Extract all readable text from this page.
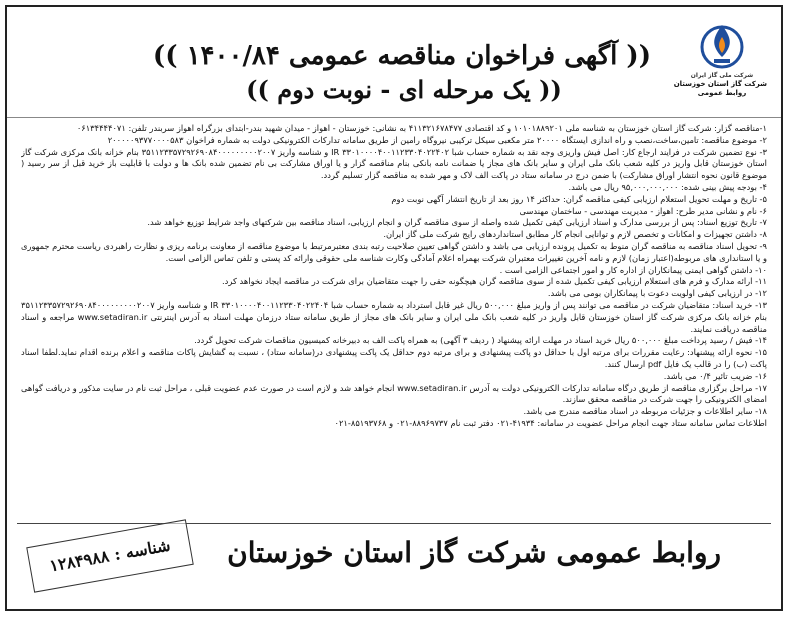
شرکت ملی گاز ایران
شرکت گاز استان خوزستان
روابط عمومی
(( آگهی فراخوان مناقصه عمومی ۱۴۰۰/۸۴ ))
(( یک مرحله ای - نوبت دوم ))

۱-مناقصه گزار: شرکت گاز استان خوزستان به شناسه ملی ۱۰۱۰۱۸۸۹۲۰۱ و کد اقتصادی ۴۱۱۳۲۱۶۷۸۴۷۷ به نشانی: خوزستان - اهواز - میدان شهید بندر-ابتدای بزرگراه اهواز سربندر تلفن: ۰۶۱۳۴۴۴۴۰۷۱

۲- موضوع مناقصه: تامین،ساخت،نصب و راه اندازی ایستگاه ۲۰۰۰۰ متر مکعبی سیکل ترکیبی نیروگاه رامین از طریق سامانه تدارکات الکترونیکی دولت به شماره فراخوان ۲۰۰۰۰۰۹۳۷۷۰۰۰۰۵۸۳

۳- نوع تضمین شرکت در فرایند ارجاع کار: اصل فیش واریزی وجه نقد به شماره حساب شبا IR ۳۳۰۱۰۰۰۰۴۰۰۱۱۲۳۳۰۴۰۲۲۴۰۲ و شناسه واریز ۳۵۱۱۲۳۳۵۷۲۹۲۶۹۰۸۴۰۰۰۰۰۰۰۰۰۲۰۰۷ بنام خزانه بانک مرکزی شرکت گاز استان خوزستان قابل واریز در کلیه شعب بانک ملی ایران و سایر بانک های مجاز یا ضمانت نامه بانکی بنام مناقصه گزار و یا اوراق مشارکت بی نام تضمین شده بانک ها و دولت با قابلیت باز خرید قبل از سر رسید ( موضوع قانون نحوه انتشار اوراق مشارکت) با ضمن درج در سامانه ستاد در پاکت الف لاک و مهر شده به مناقصه گزار تسلیم گردد.

۴- بودجه پیش بینی شده: ۹۵,۰۰۰,۰۰۰,۰۰۰ ریال می باشد.

۵- تاریخ و مهلت تحویل استعلام ارزیابی کیفی مناقصه گران: حداکثر ۱۴ روز بعد از تاریخ انتشار آگهی نوبت دوم

۶- نام و نشانی مدیر طرح: اهواز - مدیریت مهندسی - ساختمان مهندسی

۷- تاریخ توزیع اسناد: پس از بررسی مدارک و اسناد ارزیابی کیفی تکمیل شده واصله از سوی مناقصه گران و انجام ارزیابی، اسناد مناقصه بین شرکتهای واجد شرایط توزیع خواهد شد.

۸- داشتن تجهیزات و امکانات و تخصص لازم و توانایی انجام کار مطابق استانداردهای رایج شرکت ملی گاز ایران.

۹- تحویل اسناد مناقصه به مناقصه گران منوط به تکمیل پرونده ارزیابی می باشد و داشتن گواهی تعیین صلاحیت رتبه بندی معتبرمرتبط با موضوع مناقصه از معاونت برنامه ریزی و نظارت راهبردی ریاست محترم جمهوری و یا استانداری های مربوطه(اعتبار زمان) لازم و نامه آخرین تغییرات معتبران شرکت بهمراه اعلام آمادگی وکارت شناسه ملی حقوقی وارائه کد پستی و تلفن تماس الزامی است.

۱۰- داشتن گواهی ایمنی پیمانکاران از اداره کار و امور اجتماعی الزامی است .

۱۱- ارائه مدارک و فرم های استعلام ارزیابی کیفی تکمیل شده از سوی مناقصه گران هیچگونه حقی را جهت متقاضیان برای شرکت در مناقصه ایجاد نخواهد کرد.

۱۲- در ارزیابی کیفی اولویت دعوت با پیمانکاران بومی می باشد.

۱۳- خرید اسناد: متقاضیان شرکت در مناقصه می توانند پس از واریز مبلغ ۵۰۰,۰۰۰ ریال غیر قابل استرداد به شماره حساب شبا IR ۳۳۰۱۰۰۰۰۴۰۰۱۱۲۳۳۰۴۰۲۲۴۰۴ و شناسه واریز ۳۵۱۱۲۳۳۵۷۲۹۲۶۹۰۸۴۰۰۰۰۰۰۰۰۰۲۰۰۷ بنام خزانه بانک مرکزی شرکت گاز استان خوزستان قابل واریز در کلیه شعب بانک ملی ایران و سایر بانک های مجاز از طریق سامانه ستاد درزمان مهلت اسناد به آدرس اینترنتی www.setadiran.ir مراجعه و اسناد مناقصه دریافت نمایند.

۱۴- فیش / رسید پرداخت مبلغ ۵۰۰,۰۰۰ ریال خرید اسناد در مهلت ارائه پیشنهاد ( ردیف ۳ آگهی) به همراه پاکت الف به دبیرخانه کمیسیون مناقصات شرکت تحویل گردد.

۱۵- نحوه ارائه پیشنهاد: رعایت مقررات برای مرتبه اول با حداقل دو پاکت پیشنهادی و برای مرتبه دوم حداقل یک پاکت پیشنهادی در(سامانه ستاد) ، نسبت به گشایش پاکات مناقصه و اعلام برنده اقدام نماید.لطفا اسناد پاکت (ب) را در قالب یک فایل pdf ارسال کنند.

۱۶- ضریب تائیر ۰/۴ می باشد.

۱۷- مراحل برگزاری مناقصه از طریق درگاه سامانه تدارکات الکترونیکی دولت به آدرس www.setadiran.ir انجام خواهد شد و لازم است در صورت عدم عضویت قبلی ، مراحل ثبت نام در سایت مذکور و دریافت گواهی امضای الکترونیکی را جهت شرکت در مناقصه محقق سازند.

۱۸- سایر اطلاعات و جزئیات مربوطه در اسناد مناقصه مندرج می باشد.

اطلاعات تماس سامانه ستاد جهت انجام مراحل عضویت در سامانه: ۴۱۹۳۴-۰۲۱ دفتر ثبت نام ۸۸۹۶۹۷۳۷-۰۲۱ و ۸۵۱۹۳۷۶۸-۰۲۱

شناسه : ۱۲۸۴۹۸۸	روابط عمومی شرکت گاز استان خوزستان
